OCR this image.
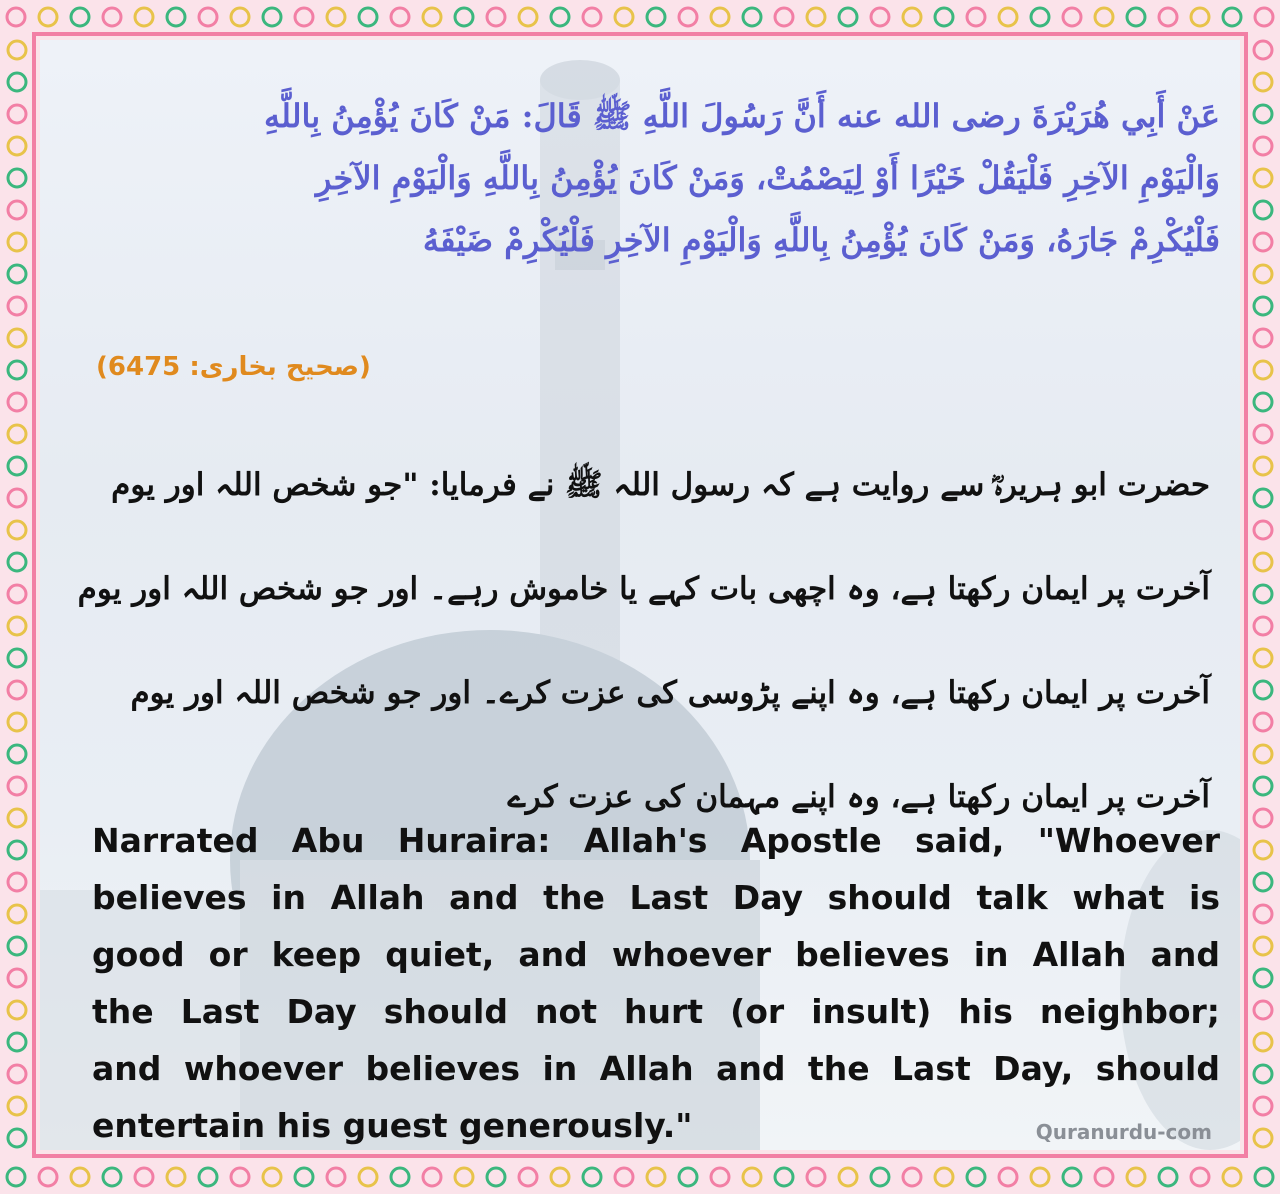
عَنْ أَبِي هُرَيْرَةَ رضى الله عنه أَنَّ رَسُولَ اللَّهِ ﷺ قَالَ: مَنْ كَانَ يُؤْمِنُ بِاللَّهِ
وَالْيَوْمِ الآخِرِ فَلْيَقُلْ خَيْرًا أَوْ لِيَصْمُتْ، وَمَنْ كَانَ يُؤْمِنُ بِاللَّهِ وَالْيَوْمِ الآخِرِ
فَلْيُكْرِمْ جَارَهُ، وَمَنْ كَانَ يُؤْمِنُ بِاللَّهِ وَالْيَوْمِ الآخِرِ فَلْيُكْرِمْ ضَيْفَهُ
(صحیح بخاری: 6475)
حضرت ابو ہریرہؓ سے روایت ہے کہ رسول اللہ ﷺ نے فرمایا: "جو شخص اللہ اور یوم
آخرت پر ایمان رکھتا ہے، وہ اچھی بات کہے یا خاموش رہے۔ اور جو شخص اللہ اور یوم
آخرت پر ایمان رکھتا ہے، وہ اپنے پڑوسی کی عزت کرے۔ اور جو شخص اللہ اور یوم
آخرت پر ایمان رکھتا ہے، وہ اپنے مہمان کی عزت کرے
Narrated Abu Huraira: Allah's Apostle said, "Whoever
believes in Allah and the Last Day should talk what is
good or keep quiet, and whoever believes in Allah and
the Last Day should not hurt (or insult) his neighbor;
and whoever believes in Allah and the Last Day, should
entertain his guest generously."	Quranurdu-com
